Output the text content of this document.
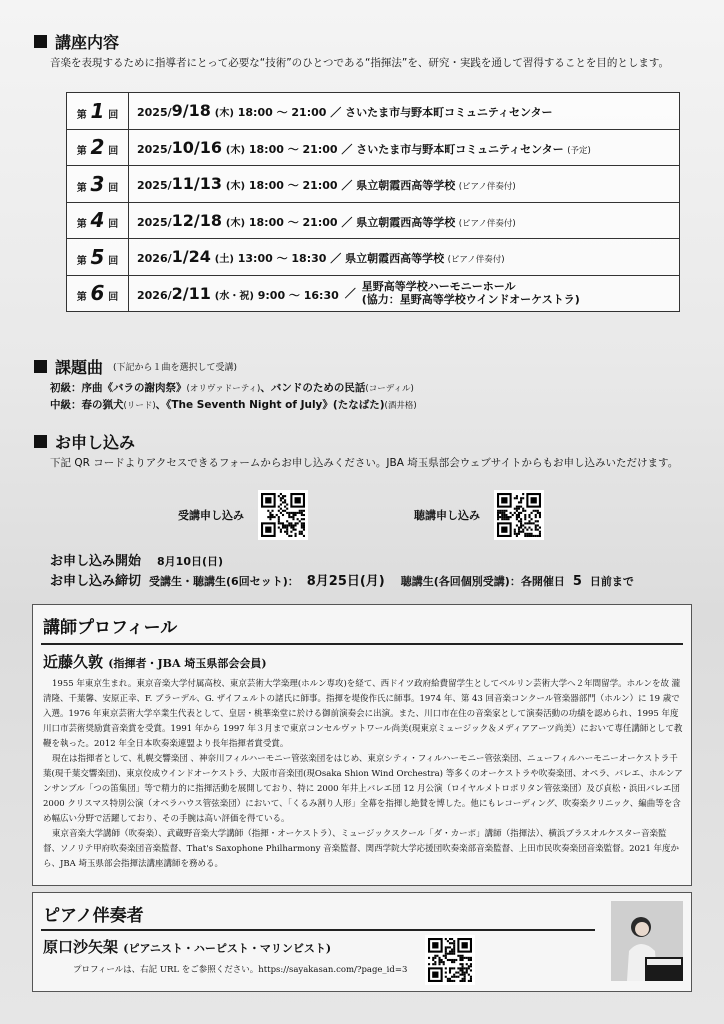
講座内容
音楽を表現するために指導者にとって必要な“技術”のひとつである“指揮法”を、研究・実践を通して習得することを目的とします。
第 1 回	2025/9/18 (木) 18:00 ～ 21:00 ／ さいたま市与野本町コミュニティセンター
第 2 回	2025/10/16 (木) 18:00 ～ 21:00 ／ さいたま市与野本町コミュニティセンター (予定)
第 3 回	2025/11/13 (木) 18:00 ～ 21:00 ／ 県立朝霞西高等学校 (ピアノ伴奏付)
第 4 回	2025/12/18 (木) 18:00 ～ 21:00 ／ 県立朝霞西高等学校 (ピアノ伴奏付)
第 5 回	2026/1/24 (土) 13:00 ～ 18:30 ／ 県立朝霞西高等学校 (ピアノ伴奏付)
第 6 回	2026/2/11 (水・祝) 9:00 ～ 16:30 ／
星野高等学校ハーモニーホール
(協力：星野高等学校ウインドオーケストラ)
課題曲 (下記から１曲を選択して受講)
初級：序曲《バラの謝肉祭》(オリヴァドーティ)、バンドのための民話(コーディル)
中級：春の猟犬(リード)、《The Seventh Night of July》(たなばた)(酒井格)
お申し込み
下記 QR コードよりアクセスできるフォームからお申し込みください。JBA 埼玉県部会ウェブサイトからもお申し込みいただけます。
受講申し込み	聴講申し込み
お申し込み開始 8月10日(日)
お申し込み締切 受講生・聴講生(6回セット)： 8月25日(月) 聴講生(各回個別受講)：各開催日 5 日前まで
講師プロフィール
近藤久敦 (指揮者・JBA 埼玉県部会会員)

1955 年東京生まれ。東京音楽大学付属高校、東京芸術大学楽理(ホルン専攻)を経て、西ドイツ政府給費留学生としてベルリン芸術大学へ２年間留学。ホルンを故 瀧清隆、千葉馨、安原正幸、F. ブラーデル、G. ザイフェルトの諸氏に師事。指揮を堤俊作氏に師事。1974 年、第 43 回音楽コンクール管楽器部門（ホルン）に 19 歳で入選。1976 年東京芸術大学卒業生代表として、皇居・桃華楽堂に於ける御前演奏会に出演。また、川口市在住の音楽家として演奏活動の功績を認められ、1995 年度川口市芸術奨励賞音楽賞を受賞。1991 年から 1997 年３月まで東京コンセルヴァトワール尚美(現東京ミュージック＆メディアアーツ尚美）において専任講師として教鞭を執った。2012 年全日本吹奏楽連盟より長年指揮者賞受賞。

現在は指揮者として、札幌交響楽団 、神奈川フィルハーモニー管弦楽団をはじめ、東京シティ・フィルハーモニー管弦楽団、ニューフィルハーモニーオーケストラ千葉(現千葉交響楽団)、東京佼成ウインドオーケストラ、大阪市音楽団(現Osaka Shion Wind Orchestra) 等多くのオーケストラや吹奏楽団、オペラ、バレエ、ホルンアンサンブル「つの笛集団」等で精力的に指揮活動を展開しており、特に 2000 年井上バレエ団 12 月公演（ロイヤルメトロポリタン管弦楽団）及び貞松・浜田バレエ団 2000 クリスマス特別公演（オペラハウス管弦楽団）において、「くるみ割り人形」全幕を指揮し絶賛を博した。他にもレコーディング、吹奏楽クリニック、編曲等を含め幅広い分野で活躍しており、その手腕は高い評価を得ている。

東京音楽大学講師（吹奏楽）、武蔵野音楽大学講師（指揮・オーケストラ）、ミュージックスクール「ダ・カーポ」講師（指揮法）、横浜ブラスオルケスター音楽監督、ソノリテ甲府吹奏楽団音楽監督、That's Saxophone Philharmony 音楽監督、関西学院大学応援団吹奏楽部音楽監督、上田市民吹奏楽団音楽監督。2021 年度から、JBA 埼玉県部会指揮法講座講師を務める。

ピアノ伴奏者
原口沙矢架 (ピアニスト・ハーピスト・マリンビスト)
プロフィールは、右記 URL をご参照ください。https://sayakasan.com/?page_id=3
